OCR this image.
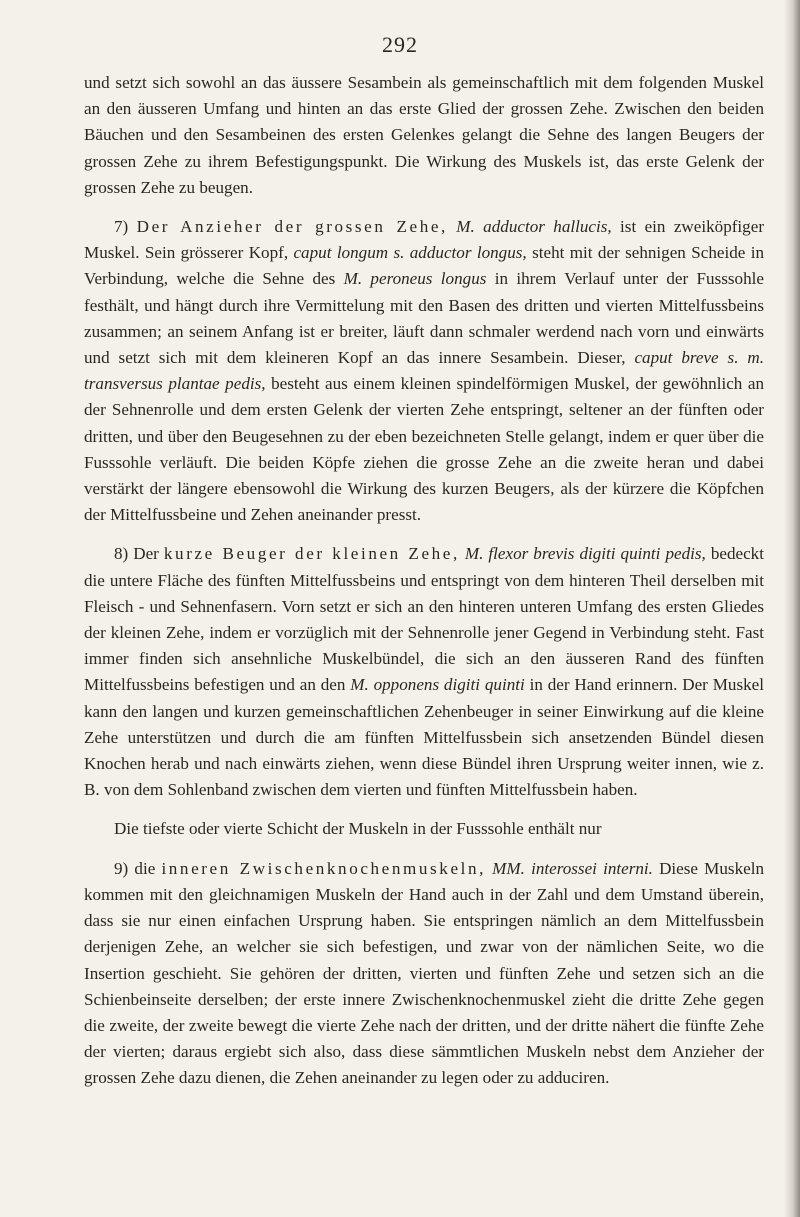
292

und setzt sich sowohl an das äussere Sesambein als gemeinschaftlich mit dem folgenden Muskel an den äusseren Umfang und hinten an das erste Glied der grossen Zehe. Zwischen den beiden Bäuchen und den Sesambeinen des ersten Gelenkes gelangt die Sehne des langen Beugers der grossen Zehe zu ihrem Befestigungspunkt. Die Wirkung des Muskels ist, das erste Gelenk der grossen Zehe zu beugen.

7) Der Anzieher der grossen Zehe, M. adductor hallucis, ist ein zweiköpfiger Muskel. Sein grösserer Kopf, caput longum s. adductor longus, steht mit der sehnigen Scheide in Verbindung, welche die Sehne des M. peroneus longus in ihrem Verlauf unter der Fusssohle festhält, und hängt durch ihre Vermittelung mit den Basen des dritten und vierten Mittelfussbeins zusammen; an seinem Anfang ist er breiter, läuft dann schmaler werdend nach vorn und einwärts und setzt sich mit dem kleineren Kopf an das innere Sesambein. Dieser, caput breve s. m. transversus plantae pedis, besteht aus einem kleinen spindelförmigen Muskel, der gewöhnlich an der Sehnenrolle und dem ersten Gelenk der vierten Zehe entspringt, seltener an der fünften oder dritten, und über den Beugesehnen zu der eben bezeichneten Stelle gelangt, indem er quer über die Fusssohle verläuft. Die beiden Köpfe ziehen die grosse Zehe an die zweite heran und dabei verstärkt der längere ebensowohl die Wirkung des kurzen Beugers, als der kürzere die Köpfchen der Mittelfussbeine und Zehen aneinander presst.

8) Der kurze Beuger der kleinen Zehe, M. flexor brevis digiti quinti pedis, bedeckt die untere Fläche des fünften Mittelfussbeins und entspringt von dem hinteren Theil derselben mit Fleisch - und Sehnenfasern. Vorn setzt er sich an den hinteren unteren Umfang des ersten Gliedes der kleinen Zehe, indem er vorzüglich mit der Sehnenrolle jener Gegend in Verbindung steht. Fast immer finden sich ansehnliche Muskelbündel, die sich an den äusseren Rand des fünften Mittelfussbeins befestigen und an den M. opponens digiti quinti in der Hand erinnern. Der Muskel kann den langen und kurzen gemeinschaftlichen Zehenbeuger in seiner Einwirkung auf die kleine Zehe unterstützen und durch die am fünften Mittelfussbein sich ansetzenden Bündel diesen Knochen herab und nach einwärts ziehen, wenn diese Bündel ihren Ursprung weiter innen, wie z. B. von dem Sohlenband zwischen dem vierten und fünften Mittelfussbein haben.

Die tiefste oder vierte Schicht der Muskeln in der Fusssohle enthält nur

9) die inneren Zwischenknochenmuskeln, MM. interossei interni. Diese Muskeln kommen mit den gleichnamigen Muskeln der Hand auch in der Zahl und dem Umstand überein, dass sie nur einen einfachen Ursprung haben. Sie entspringen nämlich an dem Mittelfussbein derjenigen Zehe, an welcher sie sich befestigen, und zwar von der nämlichen Seite, wo die Insertion geschieht. Sie gehören der dritten, vierten und fünften Zehe und setzen sich an die Schienbeinseite derselben; der erste innere Zwischenknochenmuskel zieht die dritte Zehe gegen die zweite, der zweite bewegt die vierte Zehe nach der dritten, und der dritte nähert die fünfte Zehe der vierten; daraus ergiebt sich also, dass diese sämmtlichen Muskeln nebst dem Anzieher der grossen Zehe dazu dienen, die Zehen aneinander zu legen oder zu adduciren.
